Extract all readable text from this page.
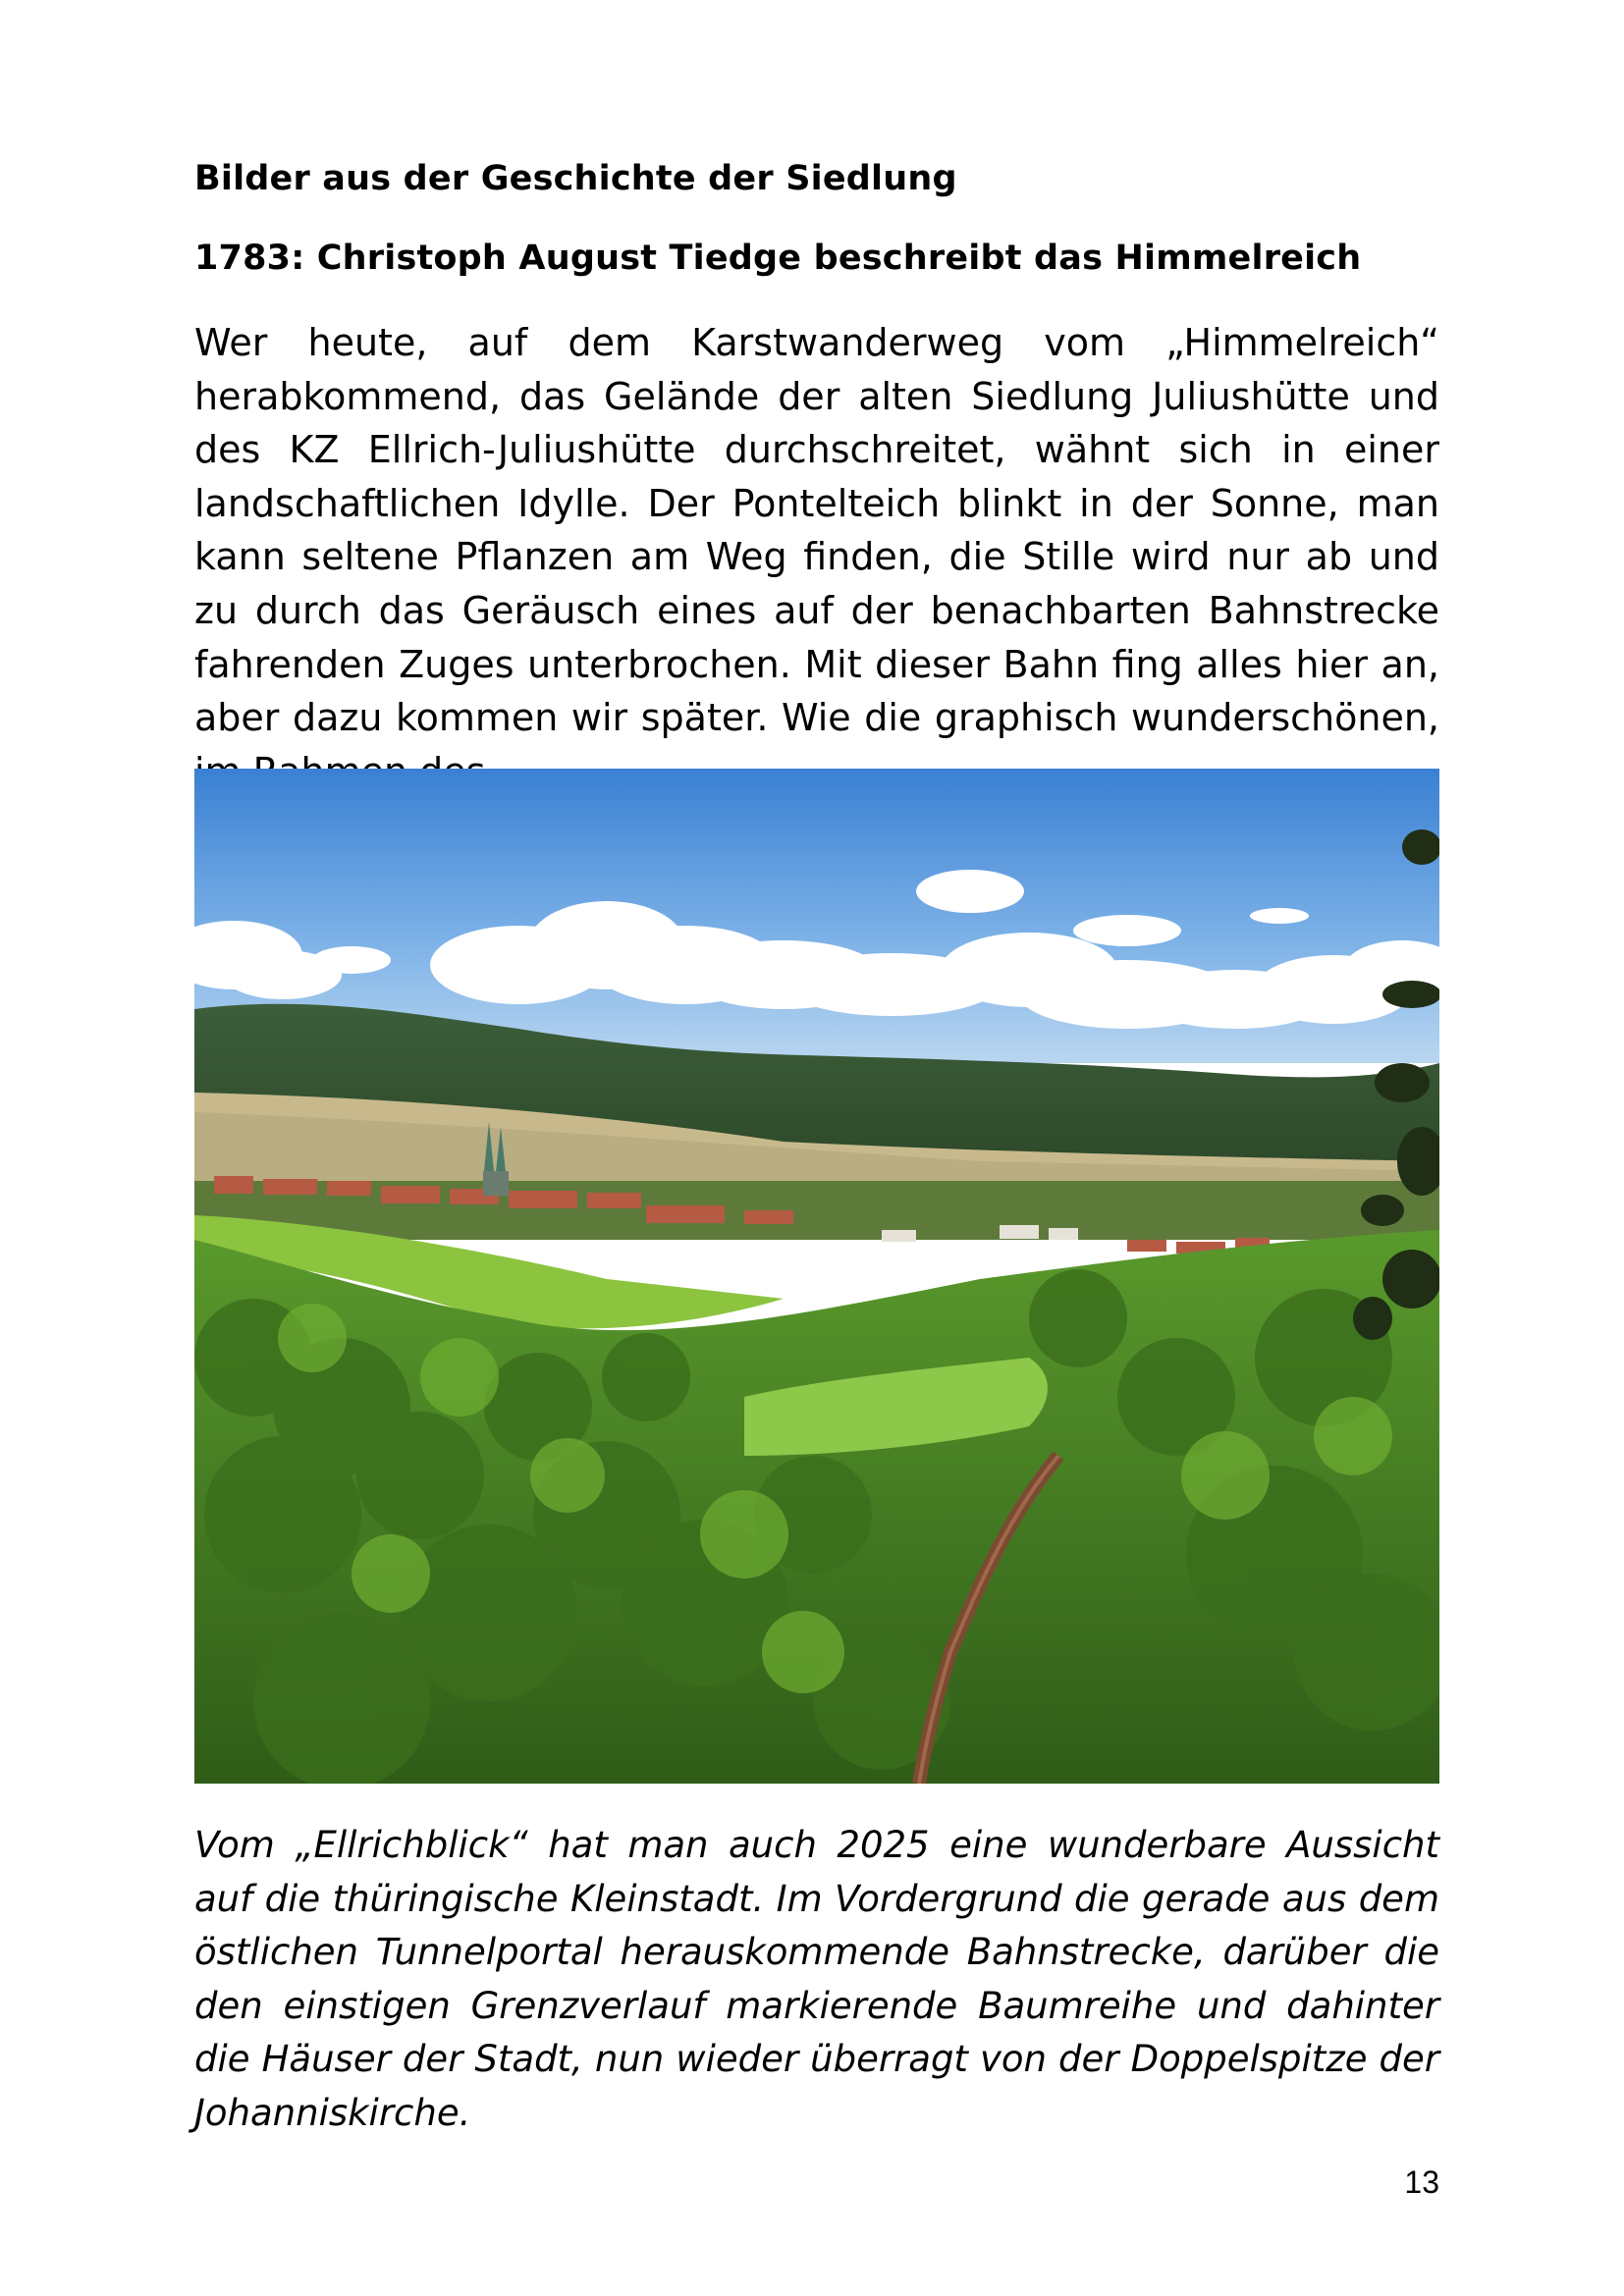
Bilder aus der Geschichte der Siedlung
1783: Christoph August Tiedge beschreibt das Himmelreich
Wer heute, auf dem Karstwanderweg vom „Himmelreich“ herabkommend, das Gelände der alten Siedlung Juliushütte und des KZ Ellrich-Juliushütte durchschreitet, wähnt sich in einer landschaftlichen Idylle. Der Pontelteich blinkt in der Sonne, man kann seltene Pflanzen am Weg finden, die Stille wird nur ab und zu durch das Geräusch eines auf der benachbarten Bahnstrecke fahrenden Zuges unterbrochen. Mit dieser Bahn fing alles hier an, aber dazu kommen wir später. Wie die graphisch wunderschönen,
Vom „Ellrichblick“ hat man auch 2025 eine wunderbare Aussicht auf die thüringische Kleinstadt. Im Vordergrund die gerade aus dem östlichen Tunnelportal herauskommende Bahnstrecke, darüber die den einstigen Grenzverlauf markierende Baumreihe und dahinter die Häuser der Stadt, nun wieder überragt von der Doppelspitze der Johanniskirche.
13
